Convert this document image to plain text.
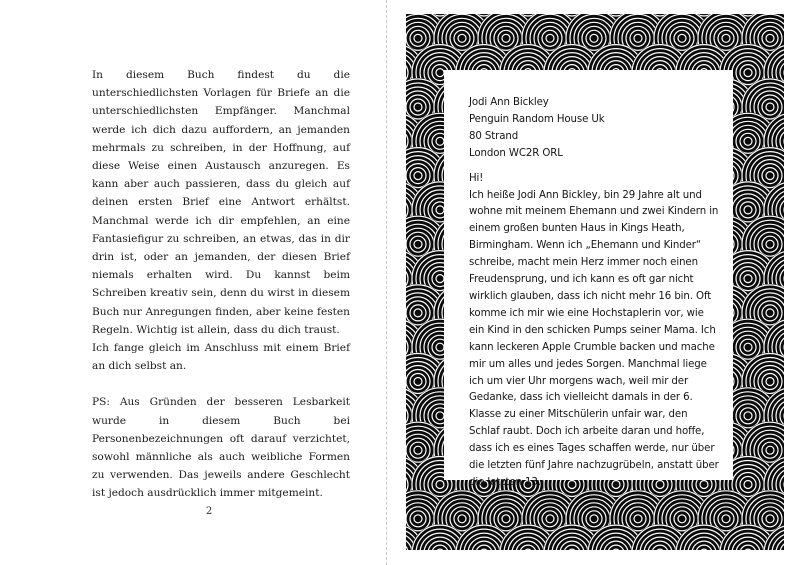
In diesem Buch findest du die unterschiedlichsten Vorlagen für Briefe an die unterschiedlichsten Empfänger. Manchmal werde ich dich dazu auffordern, an jemanden mehrmals zu schreiben, in der Hoffnung, auf diese Weise einen Austausch anzuregen. Es kann aber auch passieren, dass du gleich auf deinen ersten Brief eine Antwort erhältst. Manchmal werde ich dir empfehlen, an eine Fantasiefigur zu schreiben, an etwas, das in dir drin ist, oder an jemanden, der diesen Brief niemals erhalten wird. Du kannst beim Schreiben kreativ sein, denn du wirst in diesem Buch nur Anregungen finden, aber keine festen Regeln. Wichtig ist allein, dass du dich traust.

Ich fange gleich im Anschluss mit einem Brief an dich selbst an.

PS: Aus Gründen der besseren Lesbarkeit wurde in diesem Buch bei Personenbezeichnungen oft darauf verzichtet, sowohl männliche als auch weibliche Formen zu verwenden. Das jeweils andere Geschlecht ist jedoch ausdrücklich immer mitgemeint.

2
Jodi Ann Bickley
Penguin Random House Uk
80 Strand
London WC2R ORL
Hi!

Ich heiße Jodi Ann Bickley, bin 29 Jahre alt und wohne mit meinem Ehemann und zwei Kindern in einem großen bunten Haus in Kings Heath, Birmingham. Wenn ich „Ehemann und Kinder“ schreibe, macht mein Herz immer noch einen Freudensprung, und ich kann es oft gar nicht wirklich glauben, dass ich nicht mehr 16 bin. Oft komme ich mir wie eine Hochstaplerin vor, wie ein Kind in den schicken Pumps seiner Mama. Ich kann leckeren Apple Crumble backen und mache mir um alles und jedes Sorgen. Manchmal liege ich um vier Uhr morgens wach, weil mir der Gedanke, dass ich vielleicht damals in der 6. Klasse zu einer Mitschülerin unfair war, den Schlaf raubt. Doch ich arbeite daran und hoffe, dass ich es eines Tages schaffen werde, nur über die letzten fünf Jahre nachzugrübeln, anstatt über die letzten 13.
